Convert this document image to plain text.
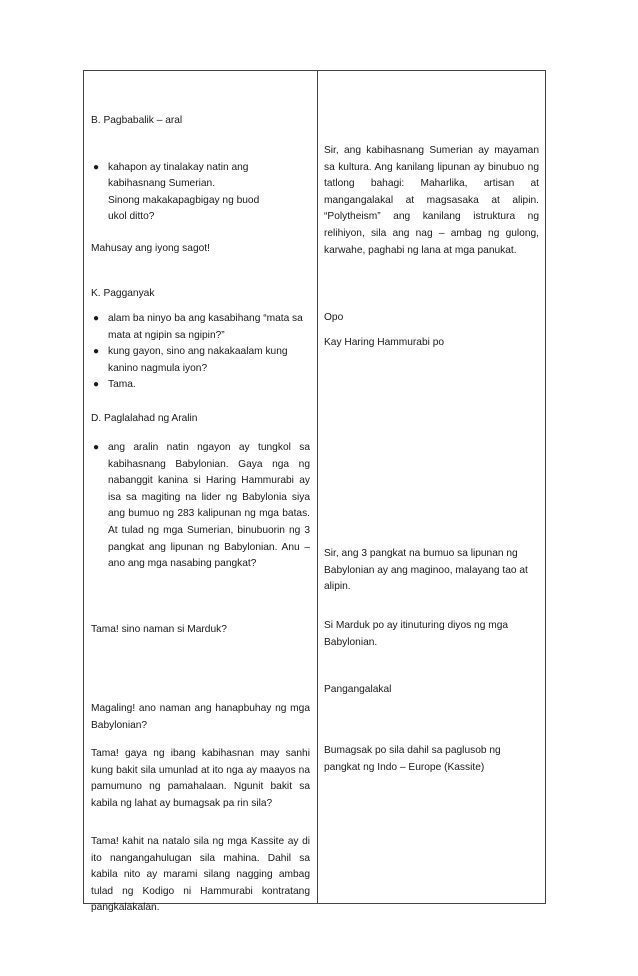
B. Pagbabalik – aral

● kahapon ay tinalakay natin ang kabihasnang Sumerian.
Sinong makakapagbigay ng buod ukol ditto?

Mahusay ang iyong sagot!

K. Pagganyak

● alam ba ninyo ba ang kasabihang “mata sa mata at ngipin sa ngipin?”
● kung gayon, sino ang nakakaalam kung kanino nagmula iyon?
● Tama.

D. Paglalahad ng Aralin

● ang aralin natin ngayon ay tungkol sa kabihasnang Babylonian. Gaya nga ng nabanggit kanina si Haring Hammurabi ay isa sa magiting na lider ng Babylonia siya ang bumuo ng 283 kalipunan ng mga batas. At tulad ng mga Sumerian, binubuorin ng 3 pangkat ang lipunan ng Babylonian. Anu – ano ang mga nasabing pangkat?

Tama! sino naman si Marduk?

Magaling! ano naman ang hanapbuhay ng mga Babylonian?

Tama! gaya ng ibang kabihasnan may sanhi kung bakit sila umunlad at ito nga ay maayos na pamumuno ng pamahalaan. Ngunit bakit sa kabila ng lahat ay bumagsak pa rin sila?

Tama! kahit na natalo sila ng mga Kassite ay di ito nangangahulugan sila mahina. Dahil sa kabila nito ay marami silang nagging ambag tulad ng Kodigo ni Hammurabi kontratang pangkalakalan.

Sir, ang kabihasnang Sumerian ay mayaman sa kultura. Ang kanilang lipunan ay binubuo ng tatlong bahagi: Maharlika, artisan at mangangalakal at magsasaka at alipin. “Polytheism” ang kanilang istruktura ng relihiyon, sila ang nag – ambag ng gulong, karwahe, paghabi ng lana at mga panukat.

Opo

Kay Haring Hammurabi po

Sir, ang 3 pangkat na bumuo sa lipunan ng Babylonian ay ang maginoo, malayang tao at alipin.

Si Marduk po ay itinuturing diyos ng mga Babylonian.

Pangangalakal

Bumagsak po sila dahil sa paglusob ng pangkat ng Indo – Europe (Kassite)
